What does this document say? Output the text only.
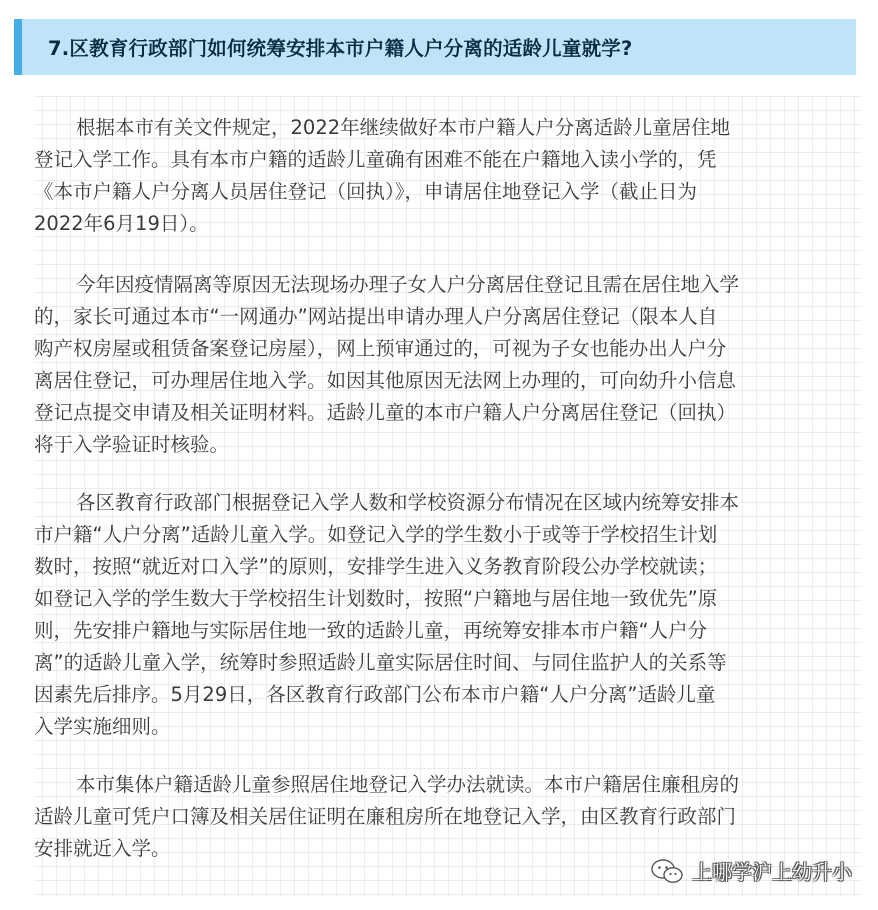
7.区教育行政部门如何统筹安排本市户籍人户分离的适龄儿童就学?

根据本市有关文件规定，2022年继续做好本市户籍人户分离适龄儿童居住地
登记入学工作。具有本市户籍的适龄儿童确有困难不能在户籍地入读小学的，凭
《本市户籍人户分离人员居住登记（回执）》，申请居住地登记入学（截止日为
2022年6月19日）。

今年因疫情隔离等原因无法现场办理子女人户分离居住登记且需在居住地入学
的，家长可通过本市“一网通办”网站提出申请办理人户分离居住登记（限本人自
购产权房屋或租赁备案登记房屋），网上预审通过的，可视为子女也能办出人户分
离居住登记，可办理居住地入学。如因其他原因无法网上办理的，可向幼升小信息
登记点提交申请及相关证明材料。适龄儿童的本市户籍人户分离居住登记（回执）
将于入学验证时核验。

各区教育行政部门根据登记入学人数和学校资源分布情况在区域内统筹安排本
市户籍“人户分离”适龄儿童入学。如登记入学的学生数小于或等于学校招生计划
数时，按照“就近对口入学”的原则，安排学生进入义务教育阶段公办学校就读；
如登记入学的学生数大于学校招生计划数时，按照“户籍地与居住地一致优先”原
则，先安排户籍地与实际居住地一致的适龄儿童，再统筹安排本市户籍“人户分
离”的适龄儿童入学，统筹时参照适龄儿童实际居住时间、与同住监护人的关系等
因素先后排序。5月29日，各区教育行政部门公布本市户籍“人户分离”适龄儿童
入学实施细则。

本市集体户籍适龄儿童参照居住地登记入学办法就读。本市户籍居住廉租房的
适龄儿童可凭户口簿及相关居住证明在廉租房所在地登记入学，由区教育行政部门
安排就近入学。

上哪学沪上幼升小
